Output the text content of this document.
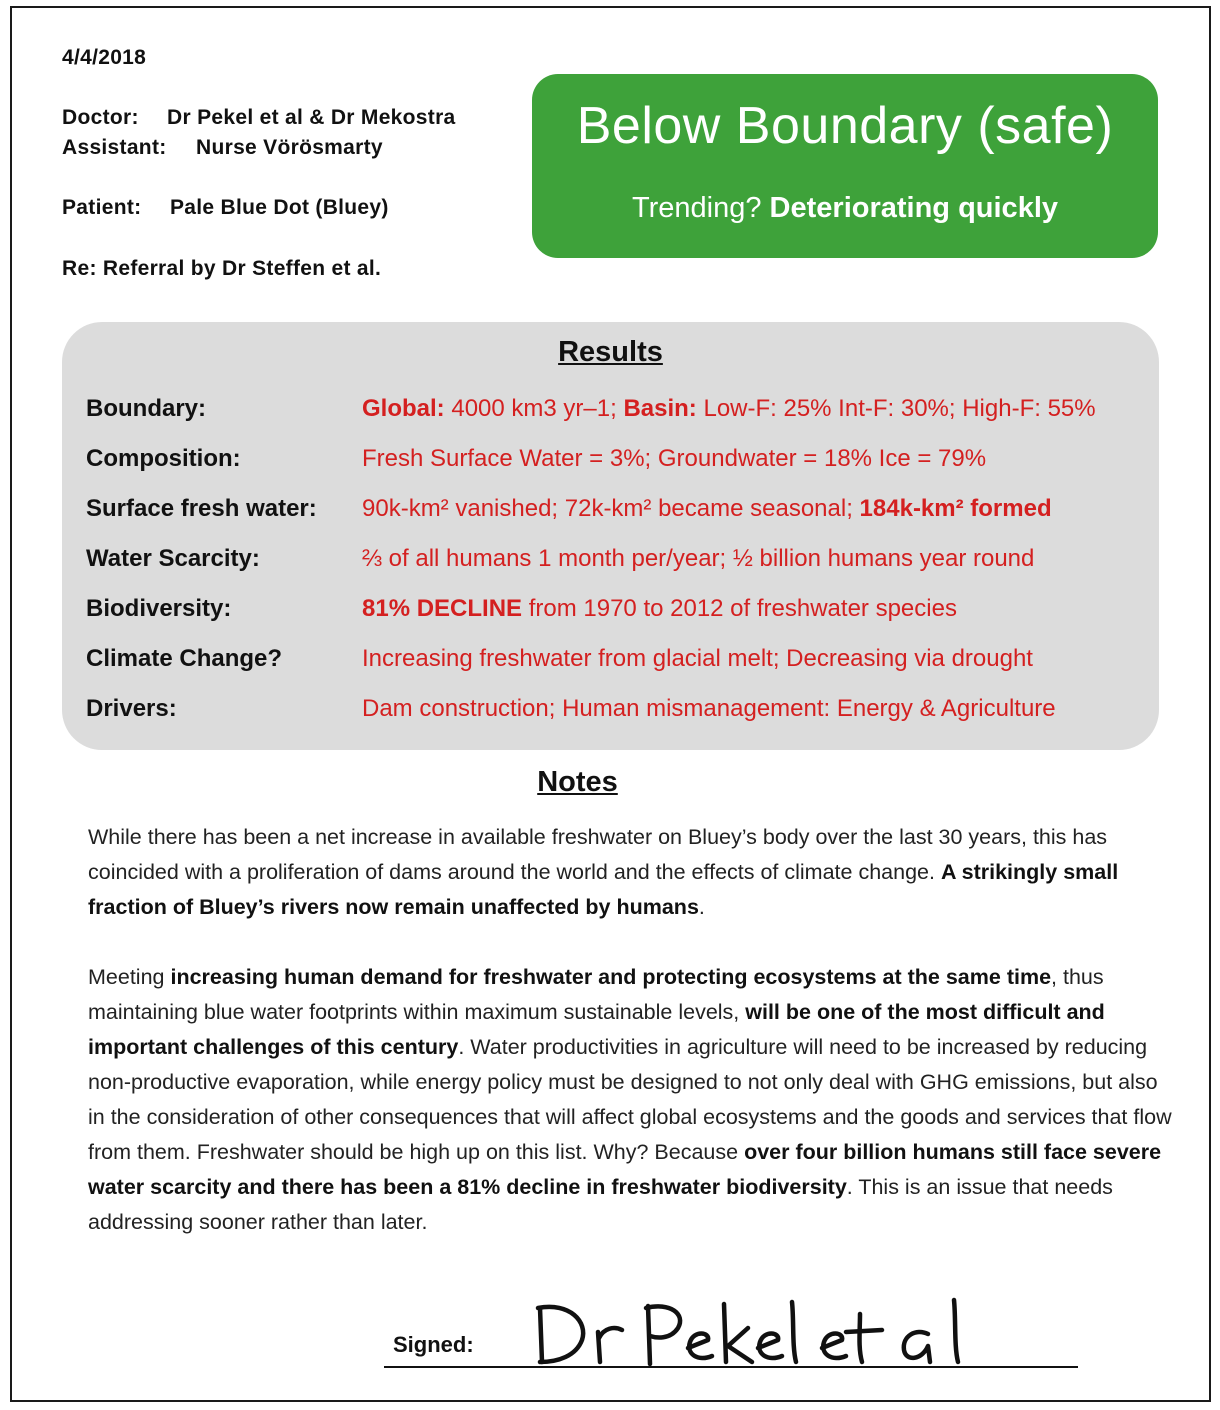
4/4/2018
Doctor: Dr Pekel et al & Dr Mekostra
Assistant: Nurse Vörösmarty
Patient: Pale Blue Dot (Bluey)
Re: Referral by Dr Steffen et al.
Below Boundary (safe)
Trending? Deteriorating quickly
Results
Boundary:	Global: 4000 km3 yr–1; Basin: Low-F: 25% Int-F: 30%; High-F: 55%
Composition:	Fresh Surface Water = 3%; Groundwater = 18% Ice = 79%
Surface fresh water: 90k-km² vanished; 72k-km² became seasonal; 184k-km² formed
Water Scarcity:	⅔ of all humans 1 month per/year; ½ billion humans year round
Biodiversity:	81% DECLINE from 1970 to 2012 of freshwater species
Climate Change?	Increasing freshwater from glacial melt; Decreasing via drought
Drivers:	Dam construction; Human mismanagement: Energy & Agriculture
Notes
While there has been a net increase in available freshwater on Bluey’s body over the last 30 years, this has coincided with a proliferation of dams around the world and the effects of climate change. A strikingly small fraction of Bluey’s rivers now remain unaffected by humans.
Meeting increasing human demand for freshwater and protecting ecosystems at the same time, thus maintaining blue water footprints within maximum sustainable levels, will be one of the most difficult and important challenges of this century. Water productivities in agriculture will need to be increased by reducing non-productive evaporation, while energy policy must be designed to not only deal with GHG emissions, but also in the consideration of other consequences that will affect global ecosystems and the goods and services that flow from them. Freshwater should be high up on this list. Why? Because over four billion humans still face severe water scarcity and there has been a 81% decline in freshwater biodiversity. This is an issue that needs addressing sooner rather than later.
Signed:
